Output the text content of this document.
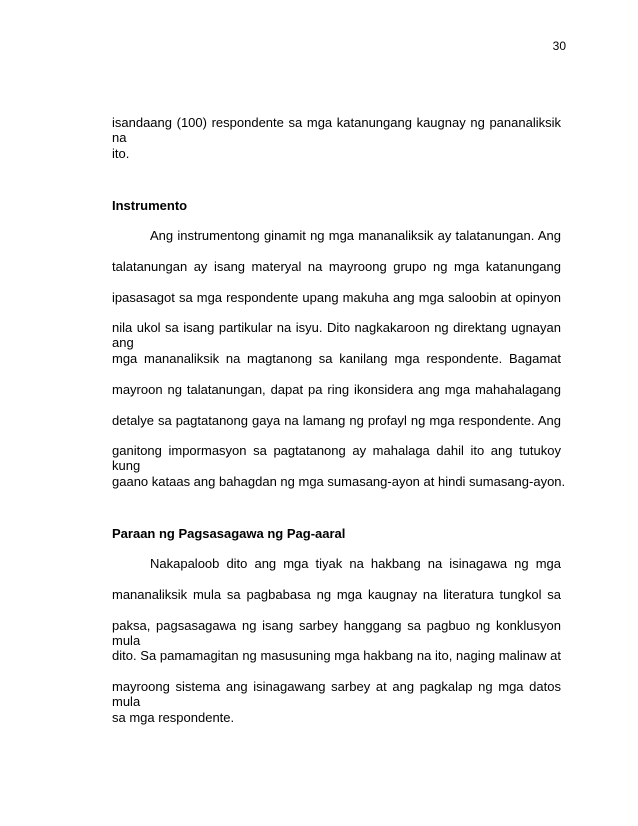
30
isandaang (100) respondente sa mga katanungang kaugnay ng pananaliksik na
ito.
Instrumento
Ang instrumentong ginamit ng mga mananaliksik ay talatanungan. Ang
talatanungan ay isang materyal na mayroong grupo ng mga katanungang
ipasasagot sa mga respondente upang makuha ang mga saloobin at opinyon
nila ukol sa isang partikular na isyu. Dito nagkakaroon ng direktang ugnayan ang
mga mananaliksik na magtanong sa kanilang mga respondente. Bagamat
mayroon ng talatanungan, dapat pa ring ikonsidera ang mga mahahalagang
detalye sa pagtatanong gaya na lamang ng profayl ng mga respondente. Ang
ganitong impormasyon sa pagtatanong ay mahalaga dahil ito ang tutukoy kung
gaano kataas ang bahagdan ng mga sumasang-ayon at hindi sumasang-ayon.
Paraan ng Pagsasagawa ng Pag-aaral
Nakapaloob dito ang mga tiyak na hakbang na isinagawa ng mga
mananaliksik mula sa pagbabasa ng mga kaugnay na literatura tungkol sa
paksa, pagsasagawa ng isang sarbey hanggang sa pagbuo ng konklusyon mula
dito. Sa pamamagitan ng masusuning mga hakbang na ito, naging malinaw at
mayroong sistema ang isinagawang sarbey at ang pagkalap ng mga datos mula
sa mga respondente.
